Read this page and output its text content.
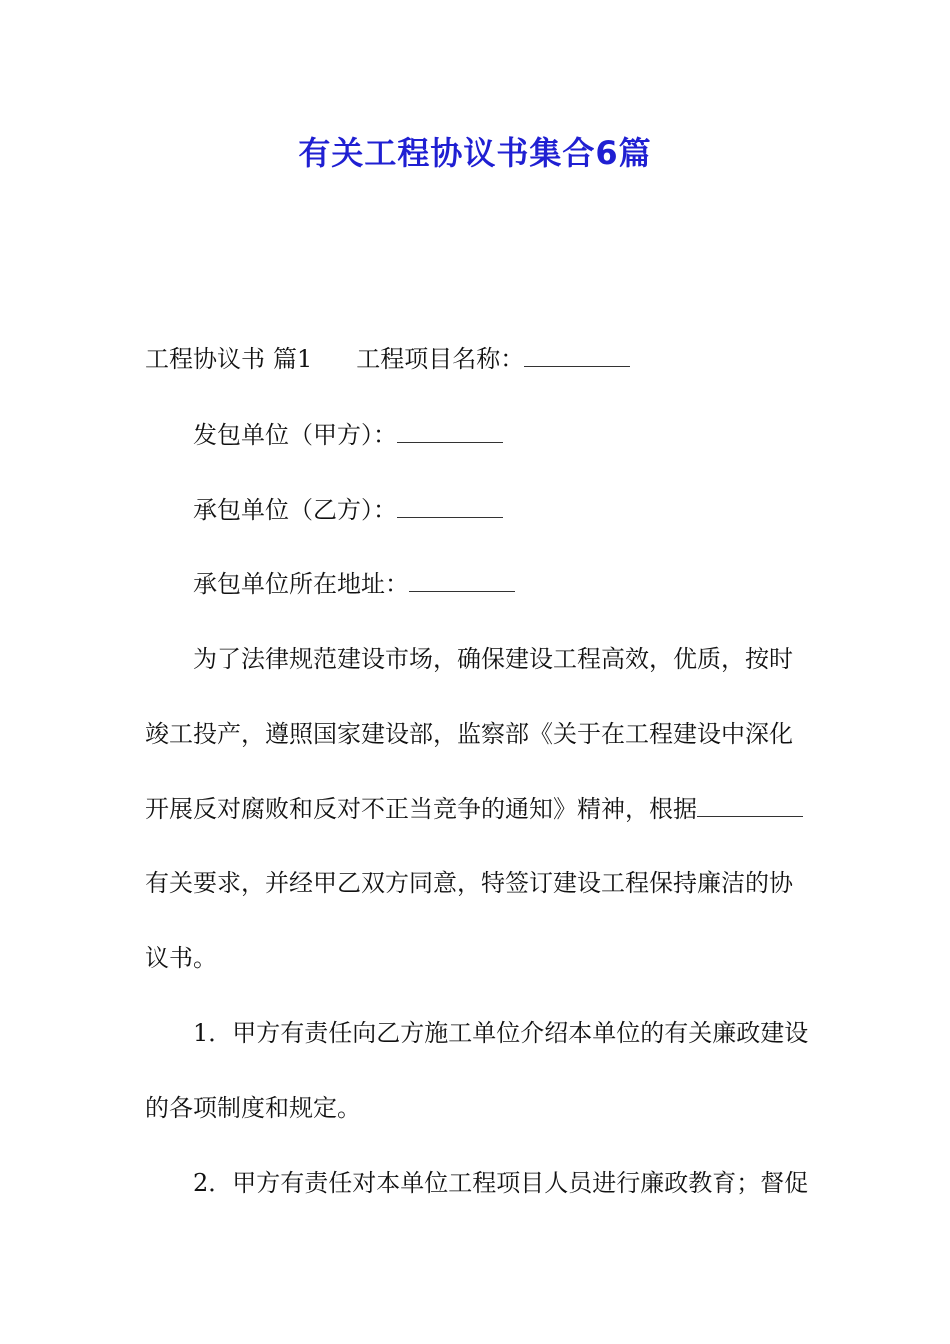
有关工程协议书集合6篇

工程协议书 篇1 工程项目名称：

发包单位（甲方）：

承包单位（乙方）：

承包单位所在地址：

为了法律规范建设市场，确保建设工程高效，优质，按时

竣工投产，遵照国家建设部，监察部《关于在工程建设中深化

开展反对腐败和反对不正当竞争的通知》精神，根据

有关要求，并经甲乙双方同意，特签订建设工程保持廉洁的协

议书。

1．甲方有责任向乙方施工单位介绍本单位的有关廉政建设

的各项制度和规定。

2．甲方有责任对本单位工程项目人员进行廉政教育；督促
